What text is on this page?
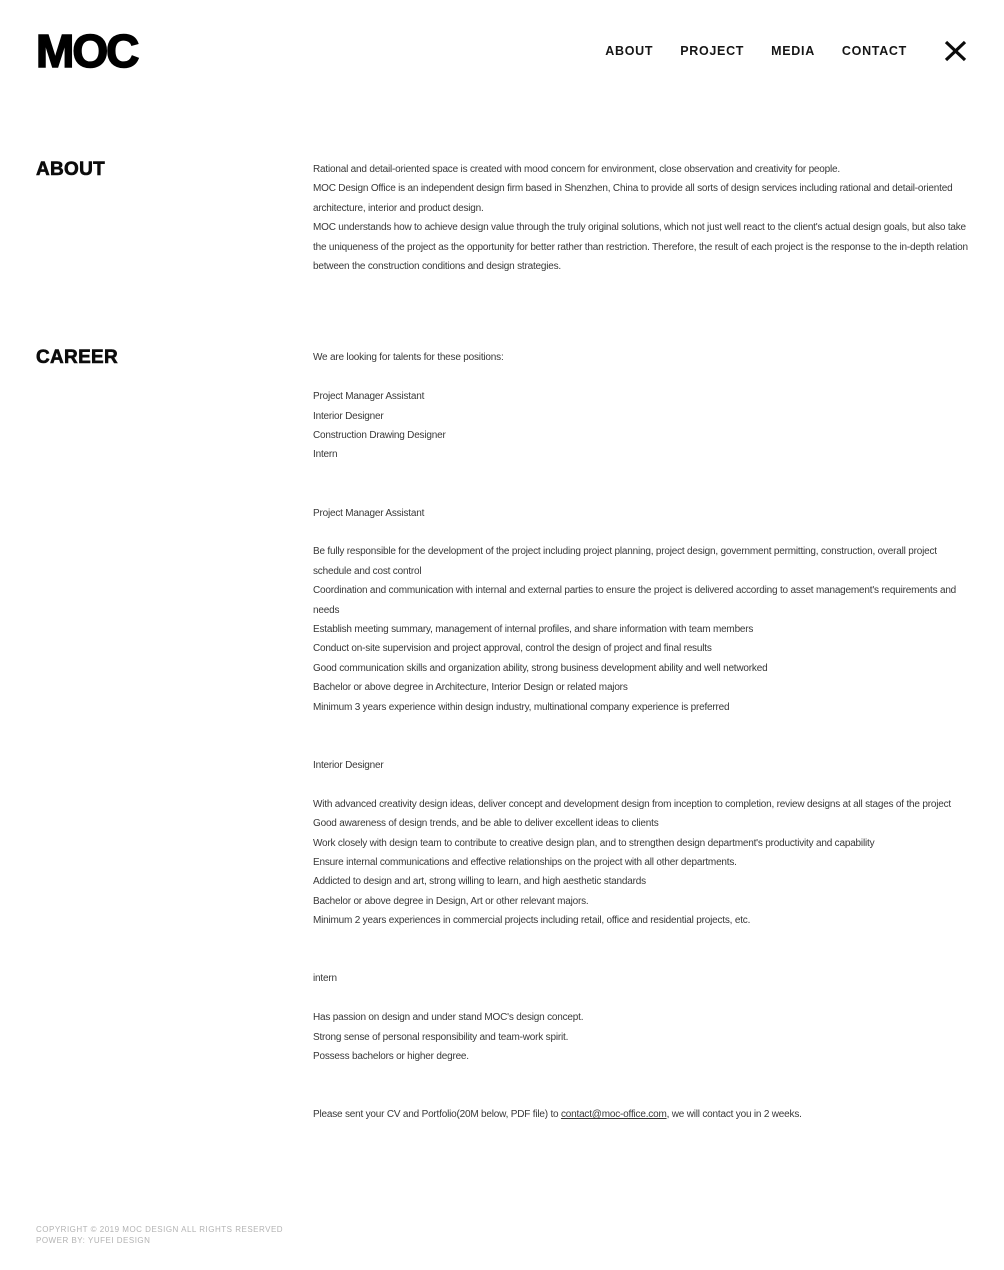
MOC	ABOUT PROJECT MEDIA CONTACT
ABOUT	Rational and detail-oriented space is created with mood concern for environment, close observation and creativity for people.

MOC Design Office is an independent design firm based in Shenzhen, China to provide all sorts of design services including rational and detail-oriented architecture, interior and product design.

MOC understands how to achieve design value through the truly original solutions, which not just well react to the client's actual design goals, but also take the uniqueness of the project as the opportunity for better rather than restriction. Therefore, the result of each project is the response to the in-depth relation between the construction conditions and design strategies.

CAREER	We are looking for talents for these positions:

Project Manager Assistant

Interior Designer

Construction Drawing Designer

Intern

Project Manager Assistant

Be fully responsible for the development of the project including project planning, project design, government permitting, construction, overall project schedule and cost control

Coordination and communication with internal and external parties to ensure the project is delivered according to asset management's requirements and needs

Establish meeting summary, management of internal profiles, and share information with team members

Conduct on-site supervision and project approval, control the design of project and final results

Good communication skills and organization ability, strong business development ability and well networked

Bachelor or above degree in Architecture, Interior Design or related majors

Minimum 3 years experience within design industry, multinational company experience is preferred

Interior Designer

With advanced creativity design ideas, deliver concept and development design from inception to completion, review designs at all stages of the project

Good awareness of design trends, and be able to deliver excellent ideas to clients

Work closely with design team to contribute to creative design plan, and to strengthen design department's productivity and capability

Ensure internal communications and effective relationships on the project with all other departments.

Addicted to design and art, strong willing to learn, and high aesthetic standards

Bachelor or above degree in Design, Art or other relevant majors.

Minimum 2 years experiences in commercial projects including retail, office and residential projects, etc.

intern

Has passion on design and under stand MOC's design concept.

Strong sense of personal responsibility and team-work spirit.

Possess bachelors or higher degree.

Please sent your CV and Portfolio(20M below, PDF file) to contact@moc-office.com, we will contact you in 2 weeks.

COPYRIGHT © 2019 MOC DESIGN ALL RIGHTS RESERVED
POWER BY: YUFEI DESIGN
